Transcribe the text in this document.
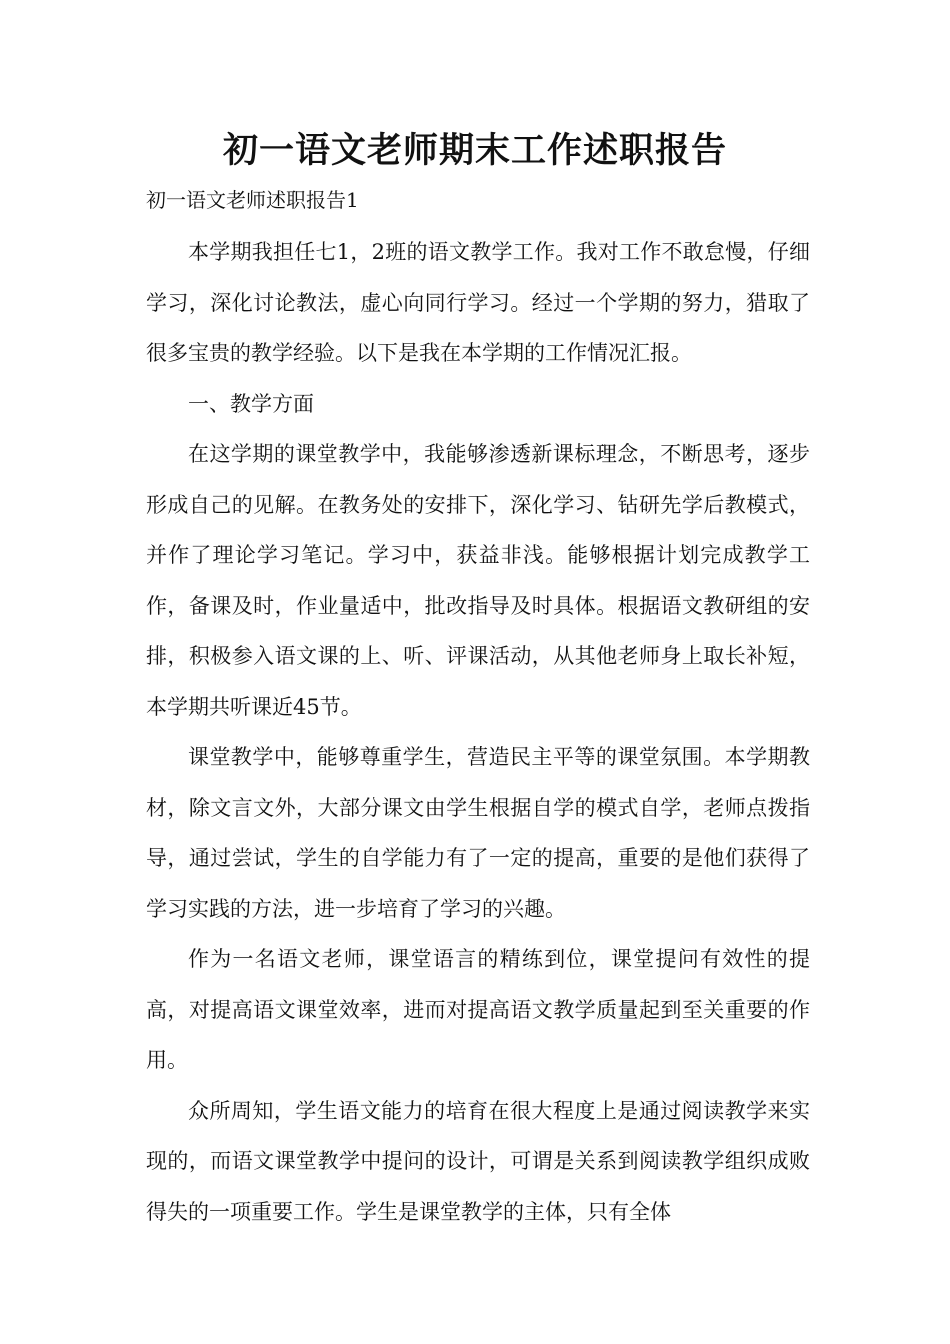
初一语文老师期末工作述职报告
初一语文老师述职报告1

本学期我担任七1，2班的语文教学工作。我对工作不敢怠慢，仔细学习，深化讨论教法，虚心向同行学习。经过一个学期的努力，猎取了很多宝贵的教学经验。以下是我在本学期的工作情况汇报。

一、教学方面

在这学期的课堂教学中，我能够渗透新课标理念，不断思考，逐步形成自己的见解。在教务处的安排下，深化学习、钻研先学后教模式，并作了理论学习笔记。学习中，获益非浅。能够根据计划完成教学工作，备课及时，作业量适中，批改指导及时具体。根据语文教研组的安排，积极参入语文课的上、听、评课活动，从其他老师身上取长补短，本学期共听课近45节。

课堂教学中，能够尊重学生，营造民主平等的课堂氛围。本学期教材，除文言文外，大部分课文由学生根据自学的模式自学，老师点拨指导，通过尝试，学生的自学能力有了一定的提高，重要的是他们获得了学习实践的方法，进一步培育了学习的兴趣。

作为一名语文老师，课堂语言的精练到位，课堂提问有效性的提高，对提高语文课堂效率，进而对提高语文教学质量起到至关重要的作用。

众所周知，学生语文能力的培育在很大程度上是通过阅读教学来实现的，而语文课堂教学中提问的设计，可谓是关系到阅读教学组织成败得失的一项重要工作。学生是课堂教学的主体，只有全体
